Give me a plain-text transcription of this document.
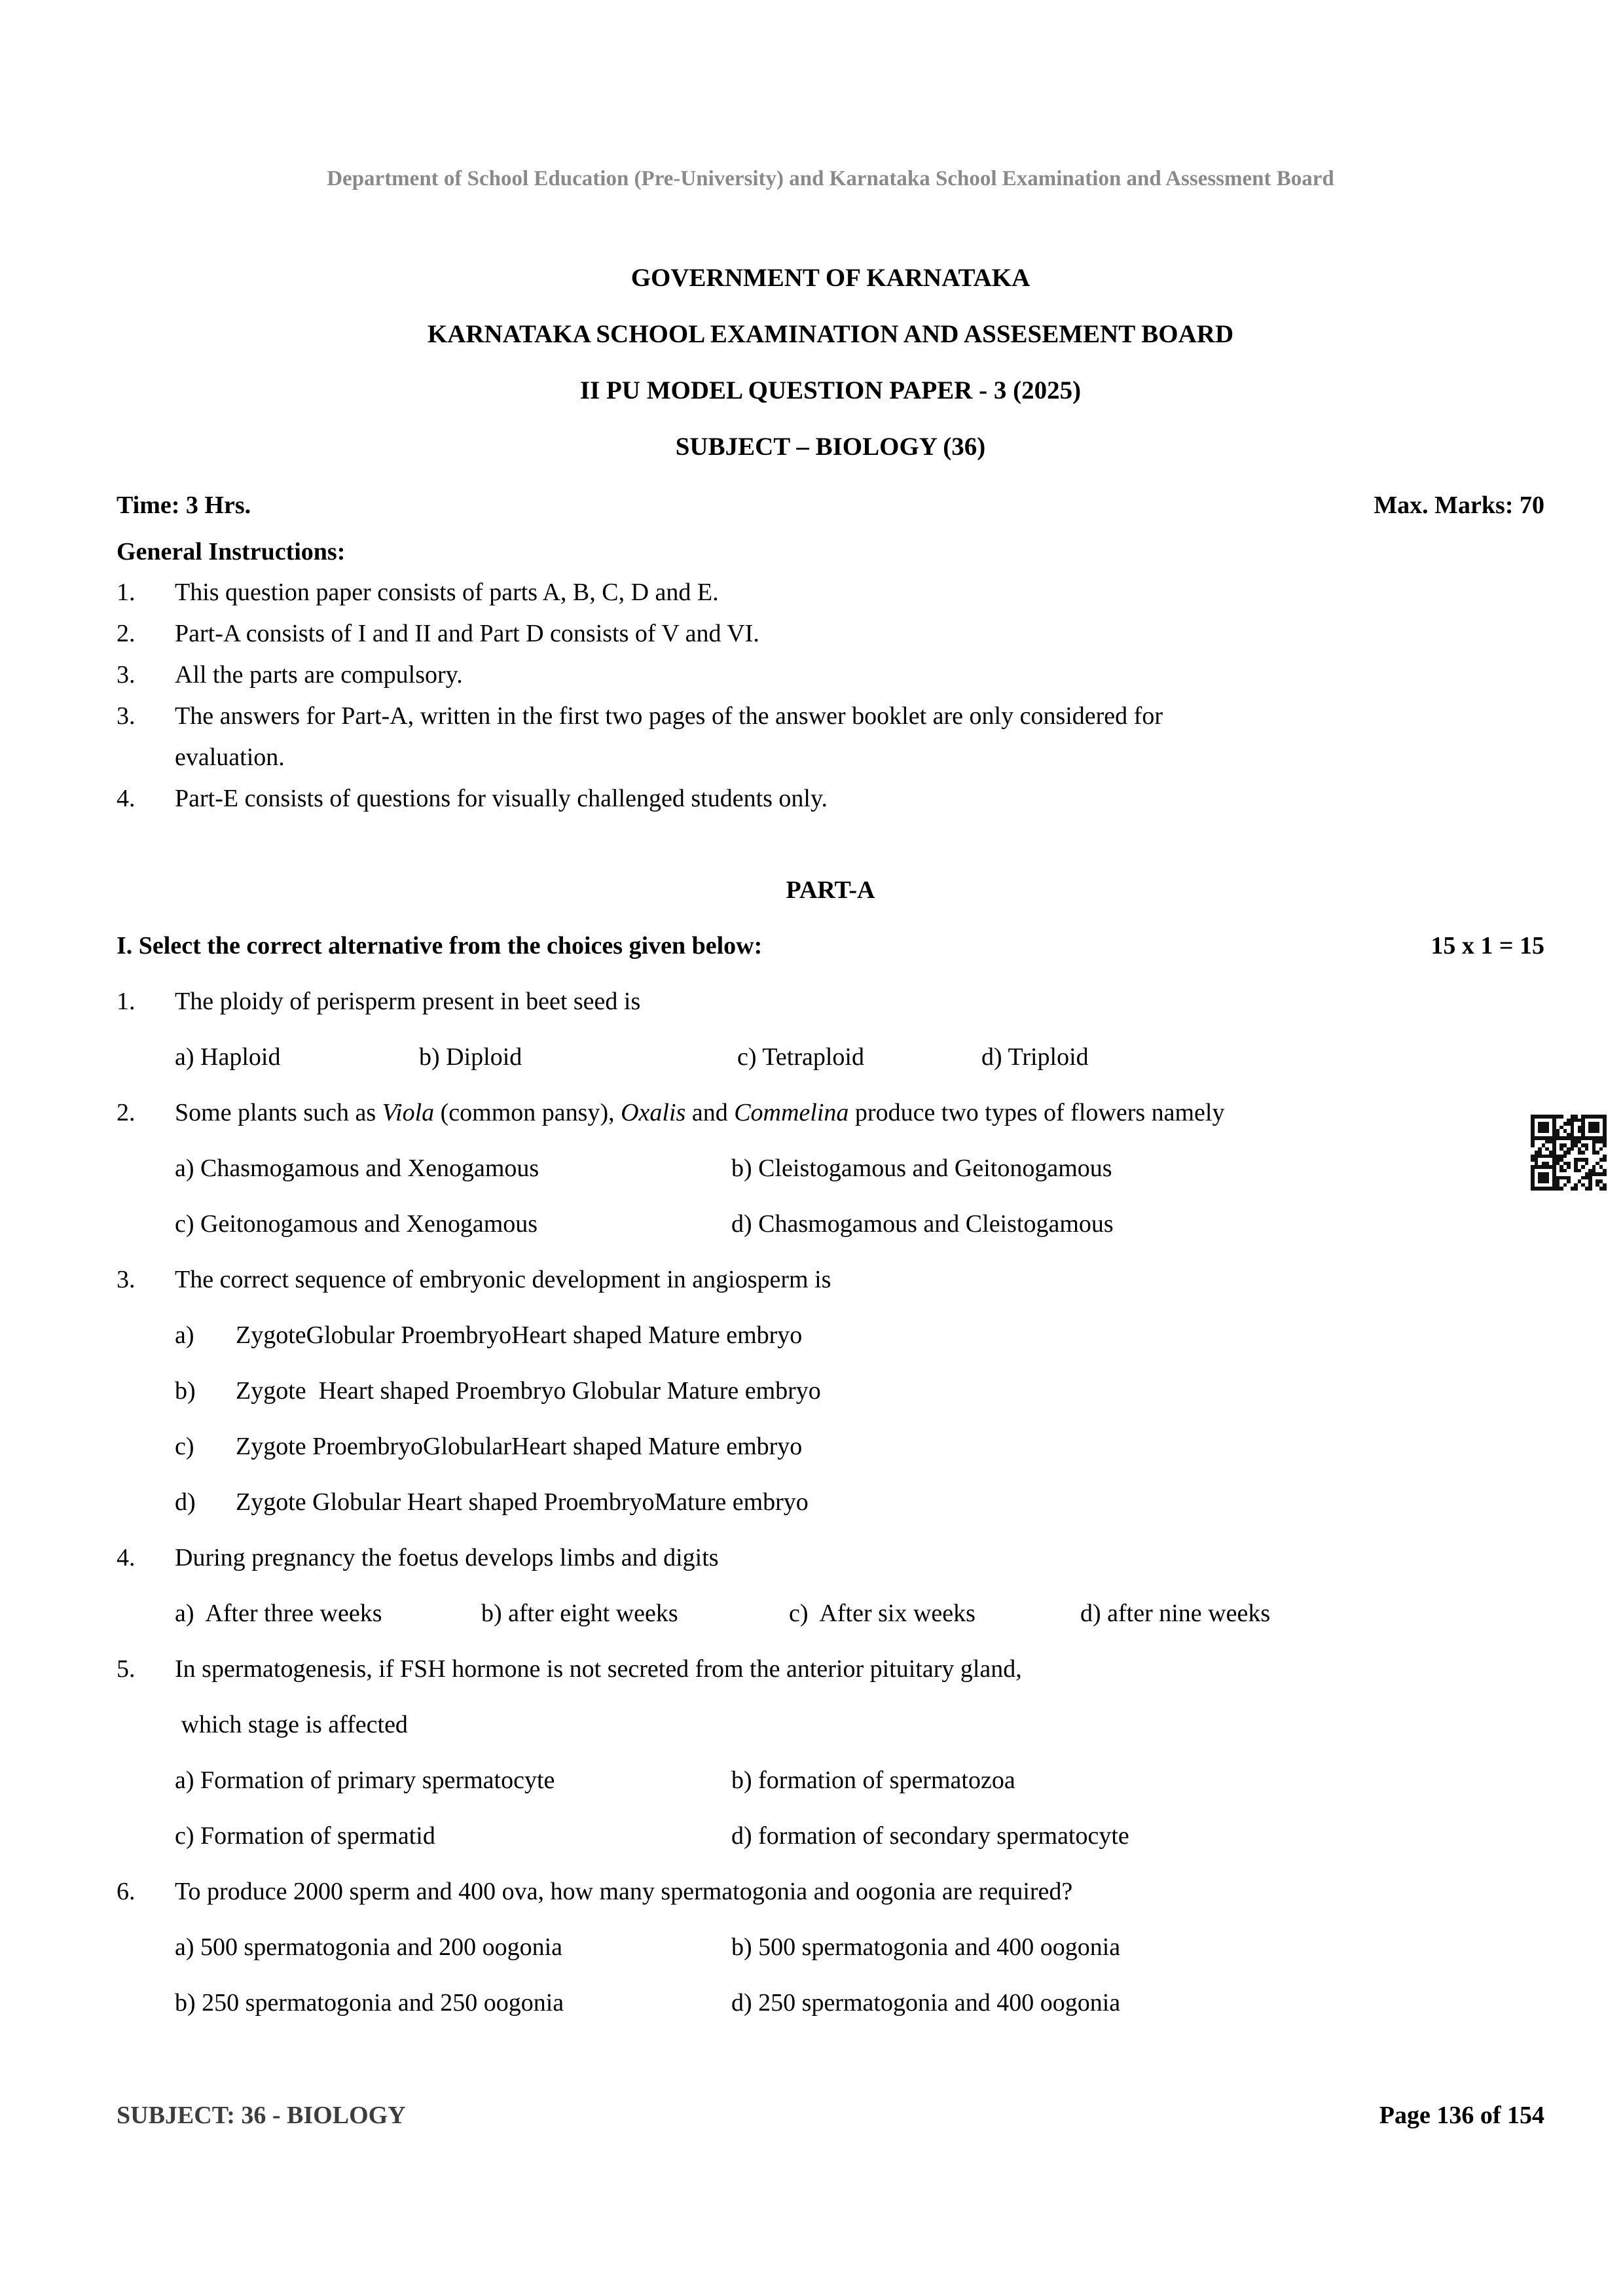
Department of School Education (Pre-University) and Karnataka School Examination and Assessment Board
GOVERNMENT OF KARNATAKA
KARNATAKA SCHOOL EXAMINATION AND ASSESEMENT BOARD
II PU MODEL QUESTION PAPER - 3 (2025)
SUBJECT – BIOLOGY (36)
Time: 3 Hrs.	Max. Marks: 70
General Instructions:
1.	This question paper consists of parts A, B, C, D and E.
2.	Part-A consists of I and II and Part D consists of V and VI.
3.	All the parts are compulsory.
3.	The answers for Part-A, written in the first two pages of the answer booklet are only considered for
evaluation.
4.	Part-E consists of questions for visually challenged students only.
PART-A
I. Select the correct alternative from the choices given below:	15 x 1 = 15
1.	The ploidy of perisperm present in beet seed is
a) Haploid	b) Diploid	c) Tetraploid	d) Triploid
2.	Some plants such as Viola (common pansy), Oxalis and Commelina produce two types of flowers namely
a) Chasmogamous and Xenogamous	b) Cleistogamous and Geitonogamous
c) Geitonogamous and Xenogamous	d) Chasmogamous and Cleistogamous
3.	The correct sequence of embryonic development in angiosperm is
a)	ZygoteGlobular ProembryoHeart shaped Mature embryo
b)	Zygote  Heart shaped Proembryo Globular Mature embryo
c)	Zygote ProembryoGlobularHeart shaped Mature embryo
d)	Zygote Globular Heart shaped ProembryoMature embryo
4.	During pregnancy the foetus develops limbs and digits
a)  After three weeks	b) after eight weeks	c)  After six weeks	d) after nine weeks
5.	In spermatogenesis, if FSH hormone is not secreted from the anterior pituitary gland,
which stage is affected
a) Formation of primary spermatocyte	b) formation of spermatozoa
c) Formation of spermatid	d) formation of secondary spermatocyte
6.	To produce 2000 sperm and 400 ova, how many spermatogonia and oogonia are required?
a) 500 spermatogonia and 200 oogonia	b) 500 spermatogonia and 400 oogonia
b) 250 spermatogonia and 250 oogonia	d) 250 spermatogonia and 400 oogonia
SUBJECT: 36 - BIOLOGY	Page 136 of 154
